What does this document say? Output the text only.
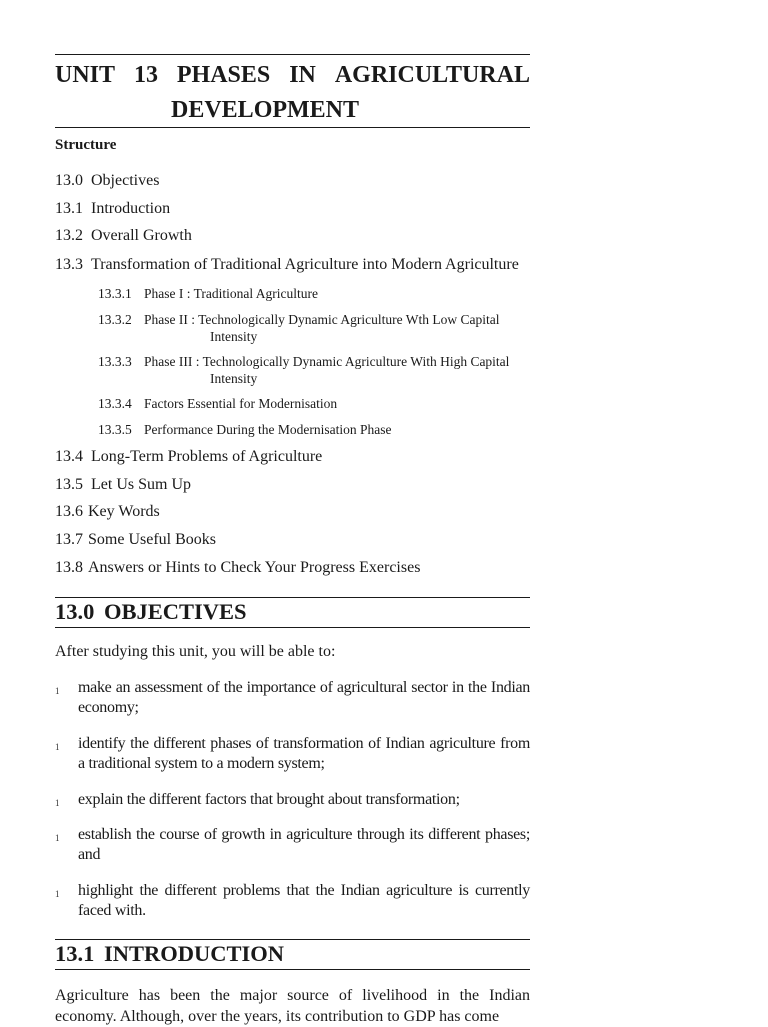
UNIT 13 PHASES IN AGRICULTURAL
DEVELOPMENT
Structure
13.0 Objectives
13.1 Introduction
13.2 Overall Growth
13.3 Transformation of Traditional Agriculture into Modern Agriculture
13.3.1 Phase I : Traditional Agriculture
13.3.2 Phase II : Technologically Dynamic Agriculture Wth Low Capital
Intensity
13.3.3 Phase III : Technologically Dynamic Agriculture With High Capital
Intensity
13.3.4 Factors Essential for Modernisation
13.3.5 Performance During the Modernisation Phase
13.4 Long-Term Problems of Agriculture
13.5 Let Us Sum Up
13.6 Key Words
13.7 Some Useful Books
13.8 Answers or Hints to Check Your Progress Exercises
13.0 OBJECTIVES
After studying this unit, you will be able to:
1 make an assessment of the importance of agricultural sector in the Indian economy;
1 identify the different phases of transformation of Indian agriculture from a traditional system to a modern system;
1 explain the different factors that brought about transformation;
1 establish the course of growth in agriculture through its different phases; and
1 highlight the different problems that the Indian agriculture is currently faced with.
13.1 INTRODUCTION
Agriculture has been the major source of livelihood in the Indian economy. Although, over the years, its contribution to GDP has come
